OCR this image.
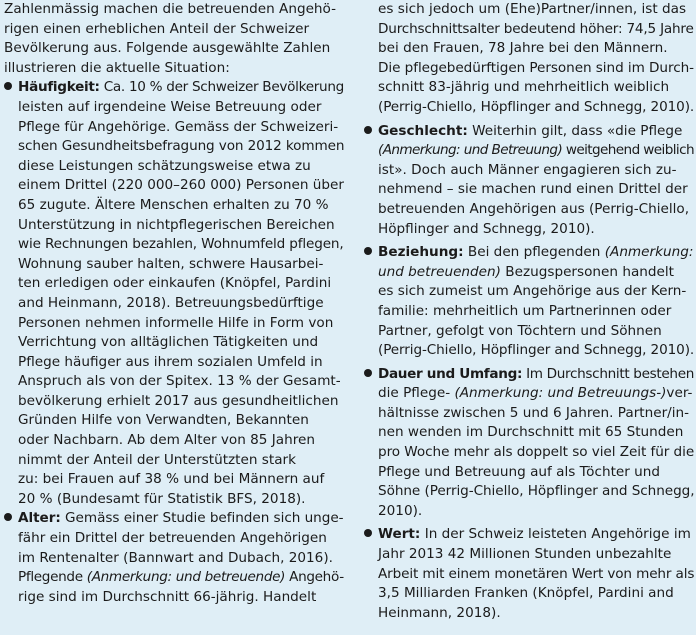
Zahlenmässig machen die betreuenden Angehö-
rigen einen erheblichen Anteil der Schweizer
Bevölkerung aus. Folgende ausgewählte Zahlen
illustrieren die aktuelle Situation:
Häufigkeit: Ca. 10 % der Schweizer Bevölkerung
leisten auf irgendeine Weise Betreuung oder
Pflege für Angehörige. Gemäss der Schweizeri-
schen Gesundheitsbefragung von 2012 kommen
diese Leistungen schätzungsweise etwa zu
einem Drittel (220 000–260 000) Personen über
65 zugute. Ältere Menschen erhalten zu 70 %
Unterstützung in nichtpflegerischen Bereichen
wie Rechnungen bezahlen, Wohnumfeld pflegen,
Wohnung sauber halten, schwere Hausarbei-
ten erledigen oder einkaufen (Knöpfel, Pardini
and Heinmann, 2018). Betreuungsbedürftige
Personen nehmen informelle Hilfe in Form von
Verrichtung von alltäglichen Tätigkeiten und
Pflege häufiger aus ihrem sozialen Umfeld in
Anspruch als von der Spitex. 13 % der Gesamt-
bevölkerung erhielt 2017 aus gesundheitlichen
Gründen Hilfe von Verwandten, Bekannten
oder Nachbarn. Ab dem Alter von 85 Jahren
nimmt der Anteil der Unterstützten stark
zu: bei Frauen auf 38 % und bei Männern auf
20 % (Bundesamt für Statistik BFS, 2018).
Alter: Gemäss einer Studie befinden sich unge-
fähr ein Drittel der betreuenden Angehörigen
im Rentenalter (Bannwart and Dubach, 2016).
Pflegende (Anmerkung: und betreuende) Angehö-
rige sind im Durchschnitt 66-jährig. Handelt
es sich jedoch um (Ehe)Partner/innen, ist das
Durchschnittsalter bedeutend höher: 74,5 Jahre
bei den Frauen, 78 Jahre bei den Männern.
Die pflegebedürftigen Personen sind im Durch-
schnitt 83-jährig und mehrheitlich weiblich
(Perrig-Chiello, Höpflinger and Schnegg, 2010).
Geschlecht: Weiterhin gilt, dass «die Pflege
(Anmerkung: und Betreuung) weitgehend weiblich
ist». Doch auch Männer engagieren sich zu-
nehmend – sie machen rund einen Drittel der
betreuenden Angehörigen aus (Perrig-Chiello,
Höpflinger and Schnegg, 2010).
Beziehung: Bei den pflegenden (Anmerkung:
und betreuenden) Bezugspersonen handelt
es sich zumeist um Angehörige aus der Kern-
familie: mehrheitlich um Partnerinnen oder
Partner, gefolgt von Töchtern und Söhnen
(Perrig-Chiello, Höpflinger and Schnegg, 2010).
Dauer und Umfang: Im Durchschnitt bestehen
die Pflege- (Anmerkung: und Betreuungs-)ver-
hältnisse zwischen 5 und 6 Jahren. Partner/in-
nen wenden im Durchschnitt mit 65 Stunden
pro Woche mehr als doppelt so viel Zeit für die
Pflege und Betreuung auf als Töchter und
Söhne (Perrig-Chiello, Höpflinger and Schnegg,
2010).
Wert: In der Schweiz leisteten Angehörige im
Jahr 2013 42 Millionen Stunden unbezahlte
Arbeit mit einem monetären Wert von mehr als
3,5 Milliarden Franken (Knöpfel, Pardini and
Heinmann, 2018).
